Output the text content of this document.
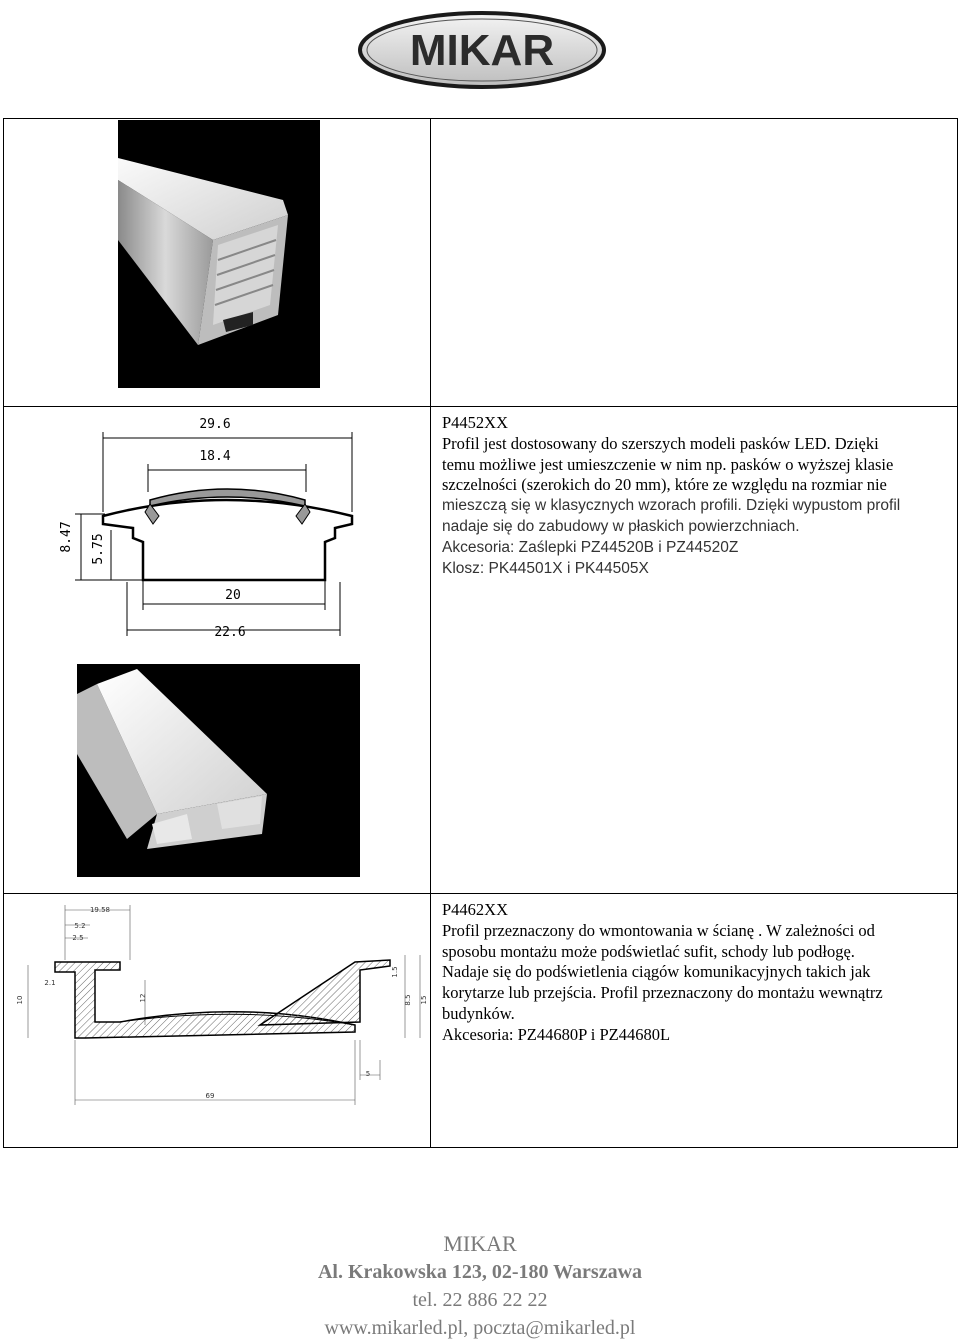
MIKAR
29.6
18.4
20
22.6
8.47 5.75
P4452XX
Profil jest dostosowany do szerszych modeli pasków LED. Dzięki
temu możliwe jest umieszczenie w nim np. pasków o wyższej klasie
szczelności (szerokich do 20 mm), które ze względu na rozmiar nie
mieszczą się w klasycznych wzorach profili. Dzięki wypustom profil
nadaje się do zabudowy w płaskich powierzchniach.
Akcesoria: Zaślepki PZ44520B i PZ44520Z
Klosz: PK44501X i PK44505X
19.58
5.2
2.5
2.1
10	12	8.5
1.5
15
5
69
P4462XX
Profil przeznaczony do wmontowania w ścianę . W zależności od
sposobu montażu może podświetlać sufit, schody lub podłogę.
Nadaje się do podświetlenia ciągów komunikacyjnych takich jak
korytarze lub przejścia. Profil przeznaczony do montażu wewnątrz
budynków.
Akcesoria: PZ44680P i PZ44680L
MIKAR
Al. Krakowska 123, 02-180 Warszawa
tel. 22 886 22 22
www.mikarled.pl, poczta@mikarled.pl
